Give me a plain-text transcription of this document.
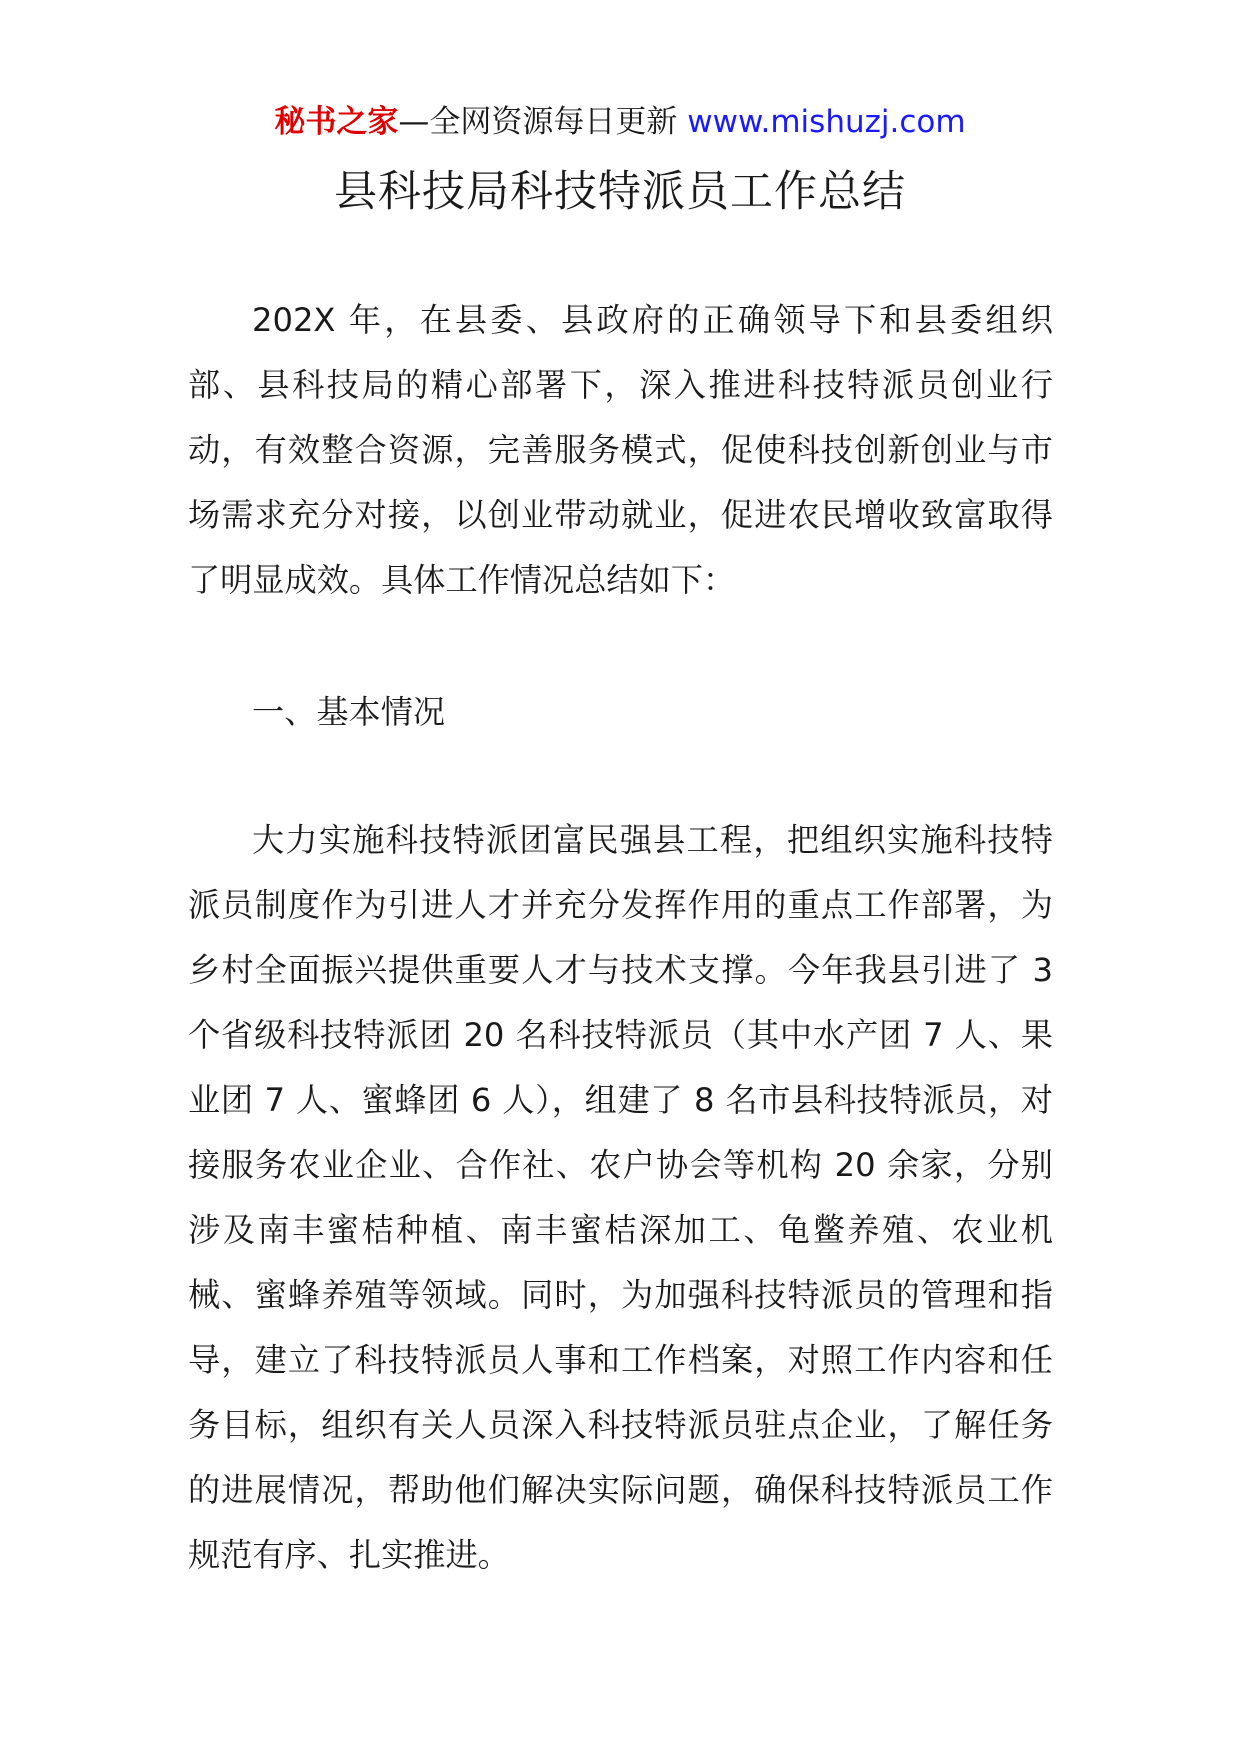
秘书之家—全网资源每日更新 www.mishuzj.com
县科技局科技特派员工作总结

202X 年，在县委、县政府的正确领导下和县委组织部、县科技局的精心部署下，深入推进科技特派员创业行动，有效整合资源，完善服务模式，促使科技创新创业与市场需求充分对接，以创业带动就业，促进农民增收致富取得了明显成效。具体工作情况总结如下：

一、基本情况

大力实施科技特派团富民强县工程，把组织实施科技特派员制度作为引进人才并充分发挥作用的重点工作部署，为乡村全面振兴提供重要人才与技术支撑。今年我县引进了 3 个省级科技特派团 20 名科技特派员（其中水产团 7 人、果业团 7 人、蜜蜂团 6 人），组建了 8 名市县科技特派员，对接服务农业企业、合作社、农户协会等机构 20 余家，分别涉及南丰蜜桔种植、南丰蜜桔深加工、龟鳖养殖、农业机械、蜜蜂养殖等领域。同时，为加强科技特派员的管理和指导，建立了科技特派员人事和工作档案，对照工作内容和任务目标，组织有关人员深入科技特派员驻点企业，了解任务的进展情况，帮助他们解决实际问题，确保科技特派员工作规范有序、扎实推进。
